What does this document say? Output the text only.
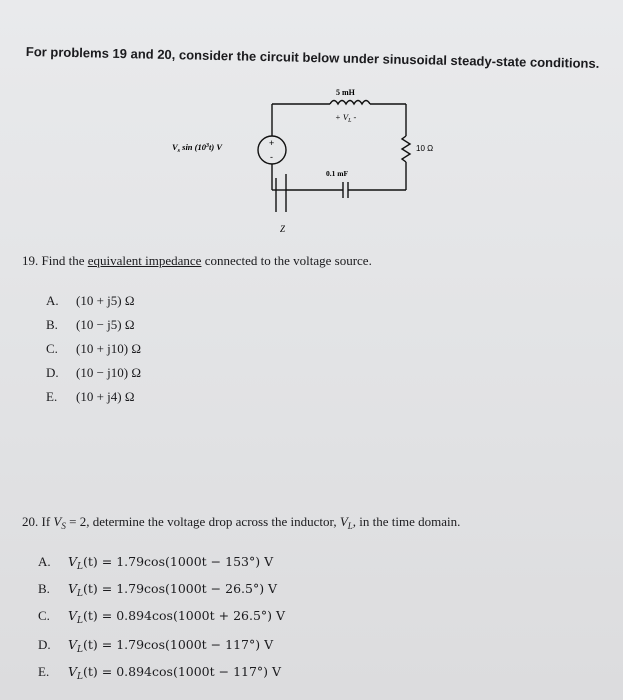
For problems 19 and 20, consider the circuit below under sinusoidal steady-state conditions.
+
-
5 mH
+ $V_L$ -
10 Ω
0.1 mF
$V_s$ $\sin (10^3t)$ V
Z
19. Find the equivalent impedance connected to the voltage source.
A.	(10 + j5) Ω
B.	(10 − j5) Ω
C.	(10 + j10) Ω
D.	(10 − j10) Ω
E.	(10 + j4) Ω
20. If $V_S = 2$, determine the voltage drop across the inductor, $V_L$, in the time domain.
A.	$V_L(t) = 1.79\cos(1000t - 153^\circ)$ V
B.	$V_L(t) = 1.79\cos(1000t - 26.5^\circ)$ V
C.	$V_L(t) = 0.894\cos(1000t + 26.5^\circ)$ V
D.	$V_L(t) = 1.79\cos(1000t - 117^\circ)$ V
E.	$V_L(t) = 0.894\cos(1000t - 117^\circ)$ V
